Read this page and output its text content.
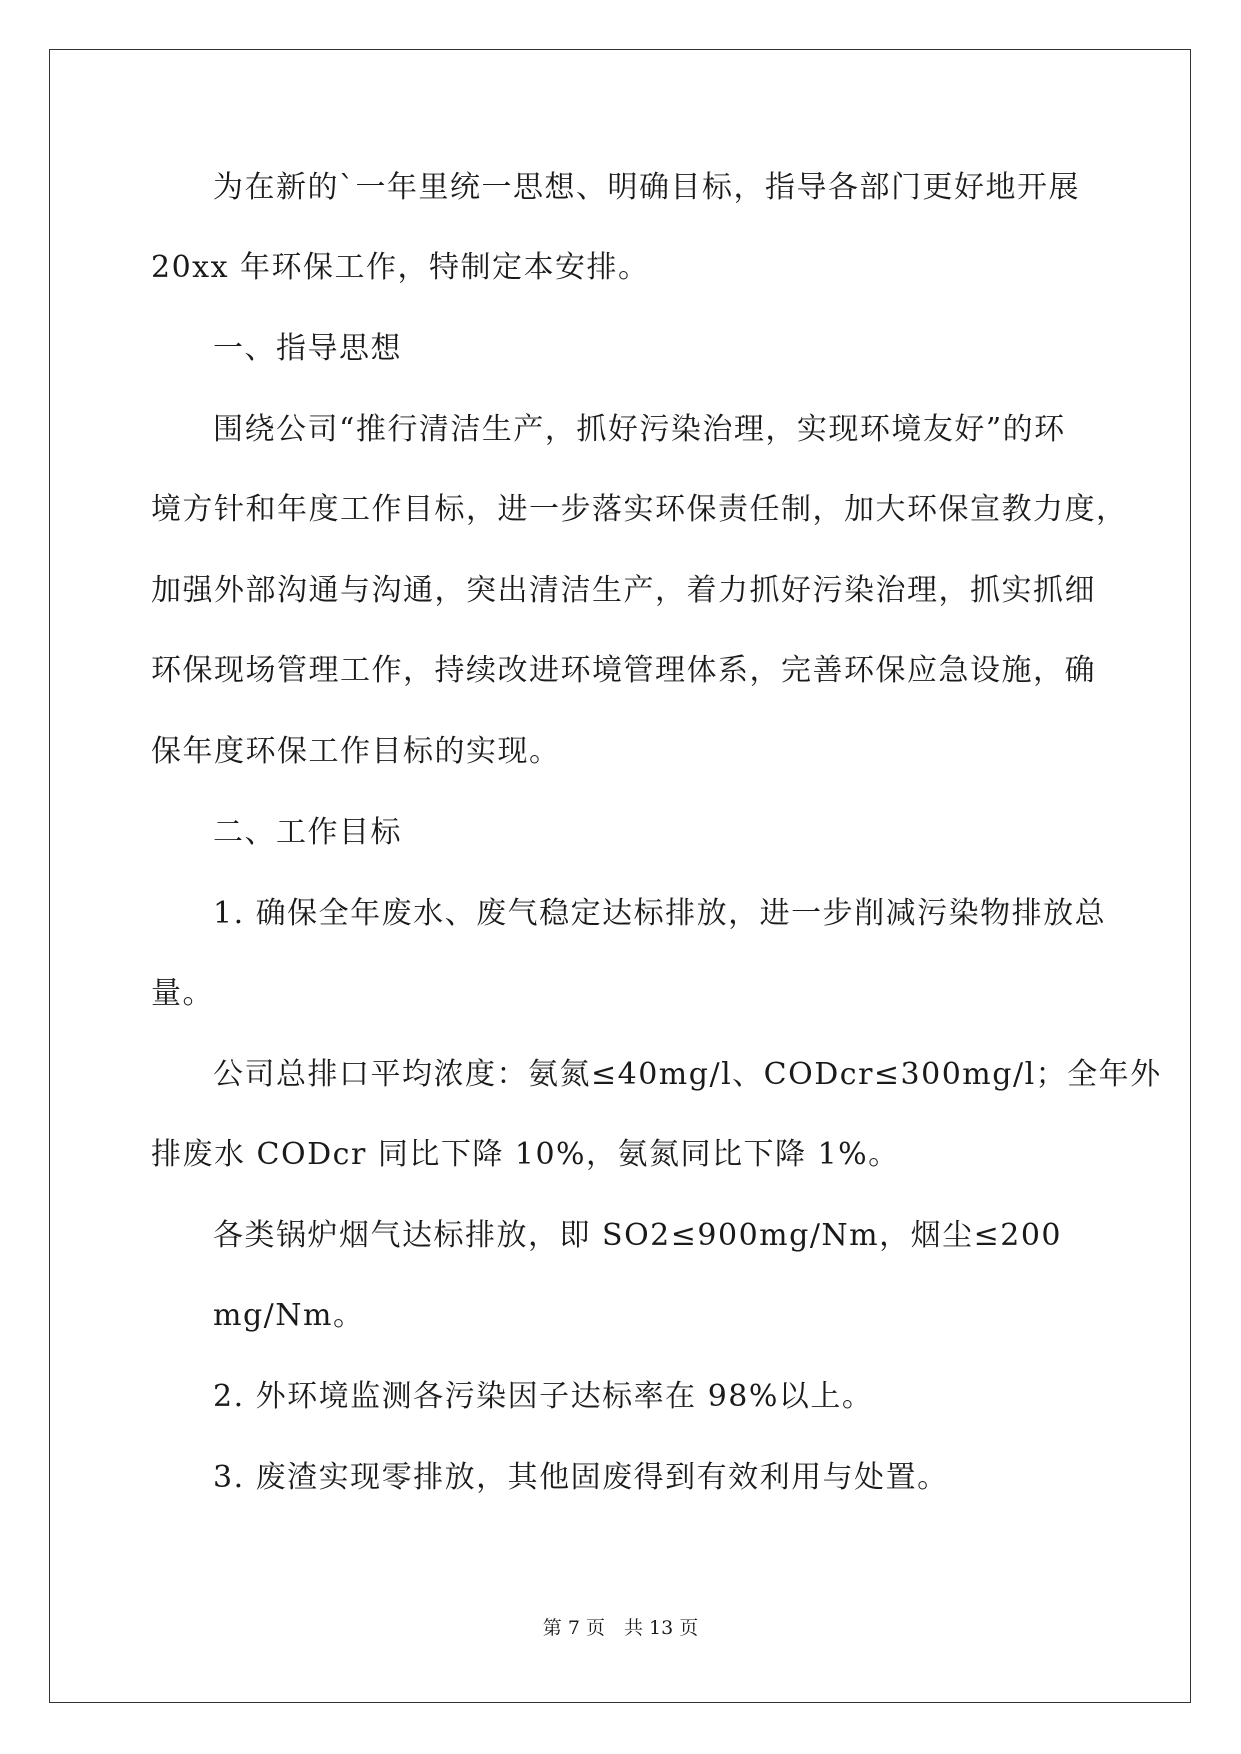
为在新的`一年里统一思想、明确目标，指导各部门更好地开展
20xx 年环保工作，特制定本安排。
一、指导思想
围绕公司“推行清洁生产，抓好污染治理，实现环境友好”的环
境方针和年度工作目标，进一步落实环保责任制，加大环保宣教力度，
加强外部沟通与沟通，突出清洁生产，着力抓好污染治理，抓实抓细
环保现场管理工作，持续改进环境管理体系，完善环保应急设施，确
保年度环保工作目标的实现。
二、工作目标
1. 确保全年废水、废气稳定达标排放，进一步削减污染物排放总
量。
公司总排口平均浓度：氨氮≤40mg/l、CODcr≤300mg/l；全年外
排废水 CODcr 同比下降 10%，氨氮同比下降 1%。
各类锅炉烟气达标排放，即 SO2≤900mg/Nm，烟尘≤200
mg/Nm。
2. 外环境监测各污染因子达标率在 98%以上。
3. 废渣实现零排放，其他固废得到有效利用与处置。
第 7 页　共 13 页
